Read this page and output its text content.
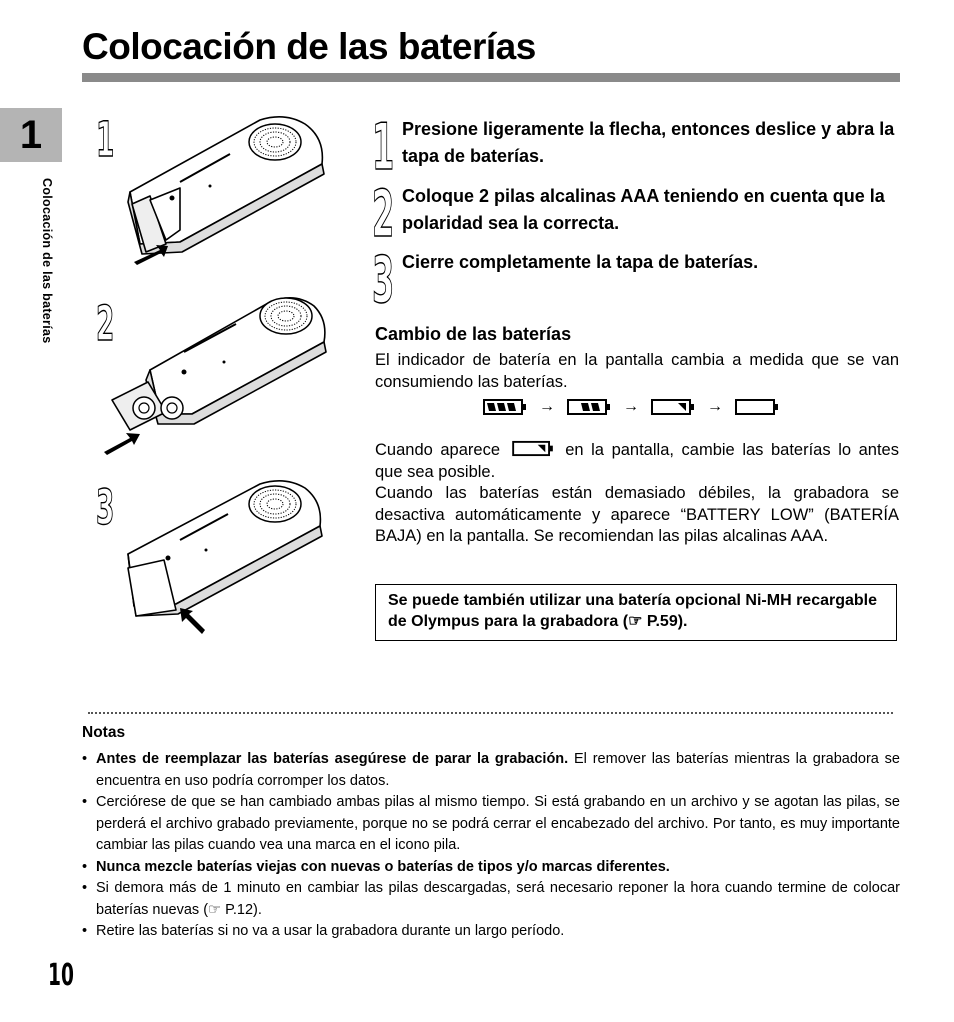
Colocación de las baterías
1
Colocación de las baterías
1
2
3
1 Presione ligeramente la flecha, entonces deslice y abra la tapa de baterías.
2 Coloque 2 pilas alcalinas AAA teniendo en cuenta que la polaridad sea la correcta.
3 Cierre completamente la tapa de baterías.
Cambio de las baterías
El indicador de batería en la pantalla cambia a medida que se van consumiendo las baterías.
→	→	→
Cuando aparece	en la pantalla, cambie las baterías lo antes que sea posible.
Cuando las baterías están demasiado débiles, la grabadora se desactiva automáticamente y aparece “BATTERY LOW” (BATERÍA BAJA) en la pantalla. Se recomiendan las pilas alcalinas AAA.
Se puede también utilizar una batería opcional Ni-MH recargable de Olympus para la grabadora (☞ P.59).
Notas
• Antes de reemplazar las baterías asegúrese de parar la grabación. El remover las baterías mientras la grabadora se encuentra en uso podría corromper los datos.
• Cerciórese de que se han cambiado ambas pilas al mismo tiempo. Si está grabando en un archivo y se agotan las pilas, se perderá el archivo grabado previamente, porque no se podrá cerrar el encabezado del archivo. Por tanto, es muy importante cambiar las pilas cuando vea una marca en el icono pila.
• Nunca mezcle baterías viejas con nuevas o baterías de tipos y/o marcas diferentes.
• Si demora más de 1 minuto en cambiar las pilas descargadas, será necesario reponer la hora cuando termine de colocar baterías nuevas (☞ P.12).
• Retire las baterías si no va a usar la grabadora durante un largo período.
10
